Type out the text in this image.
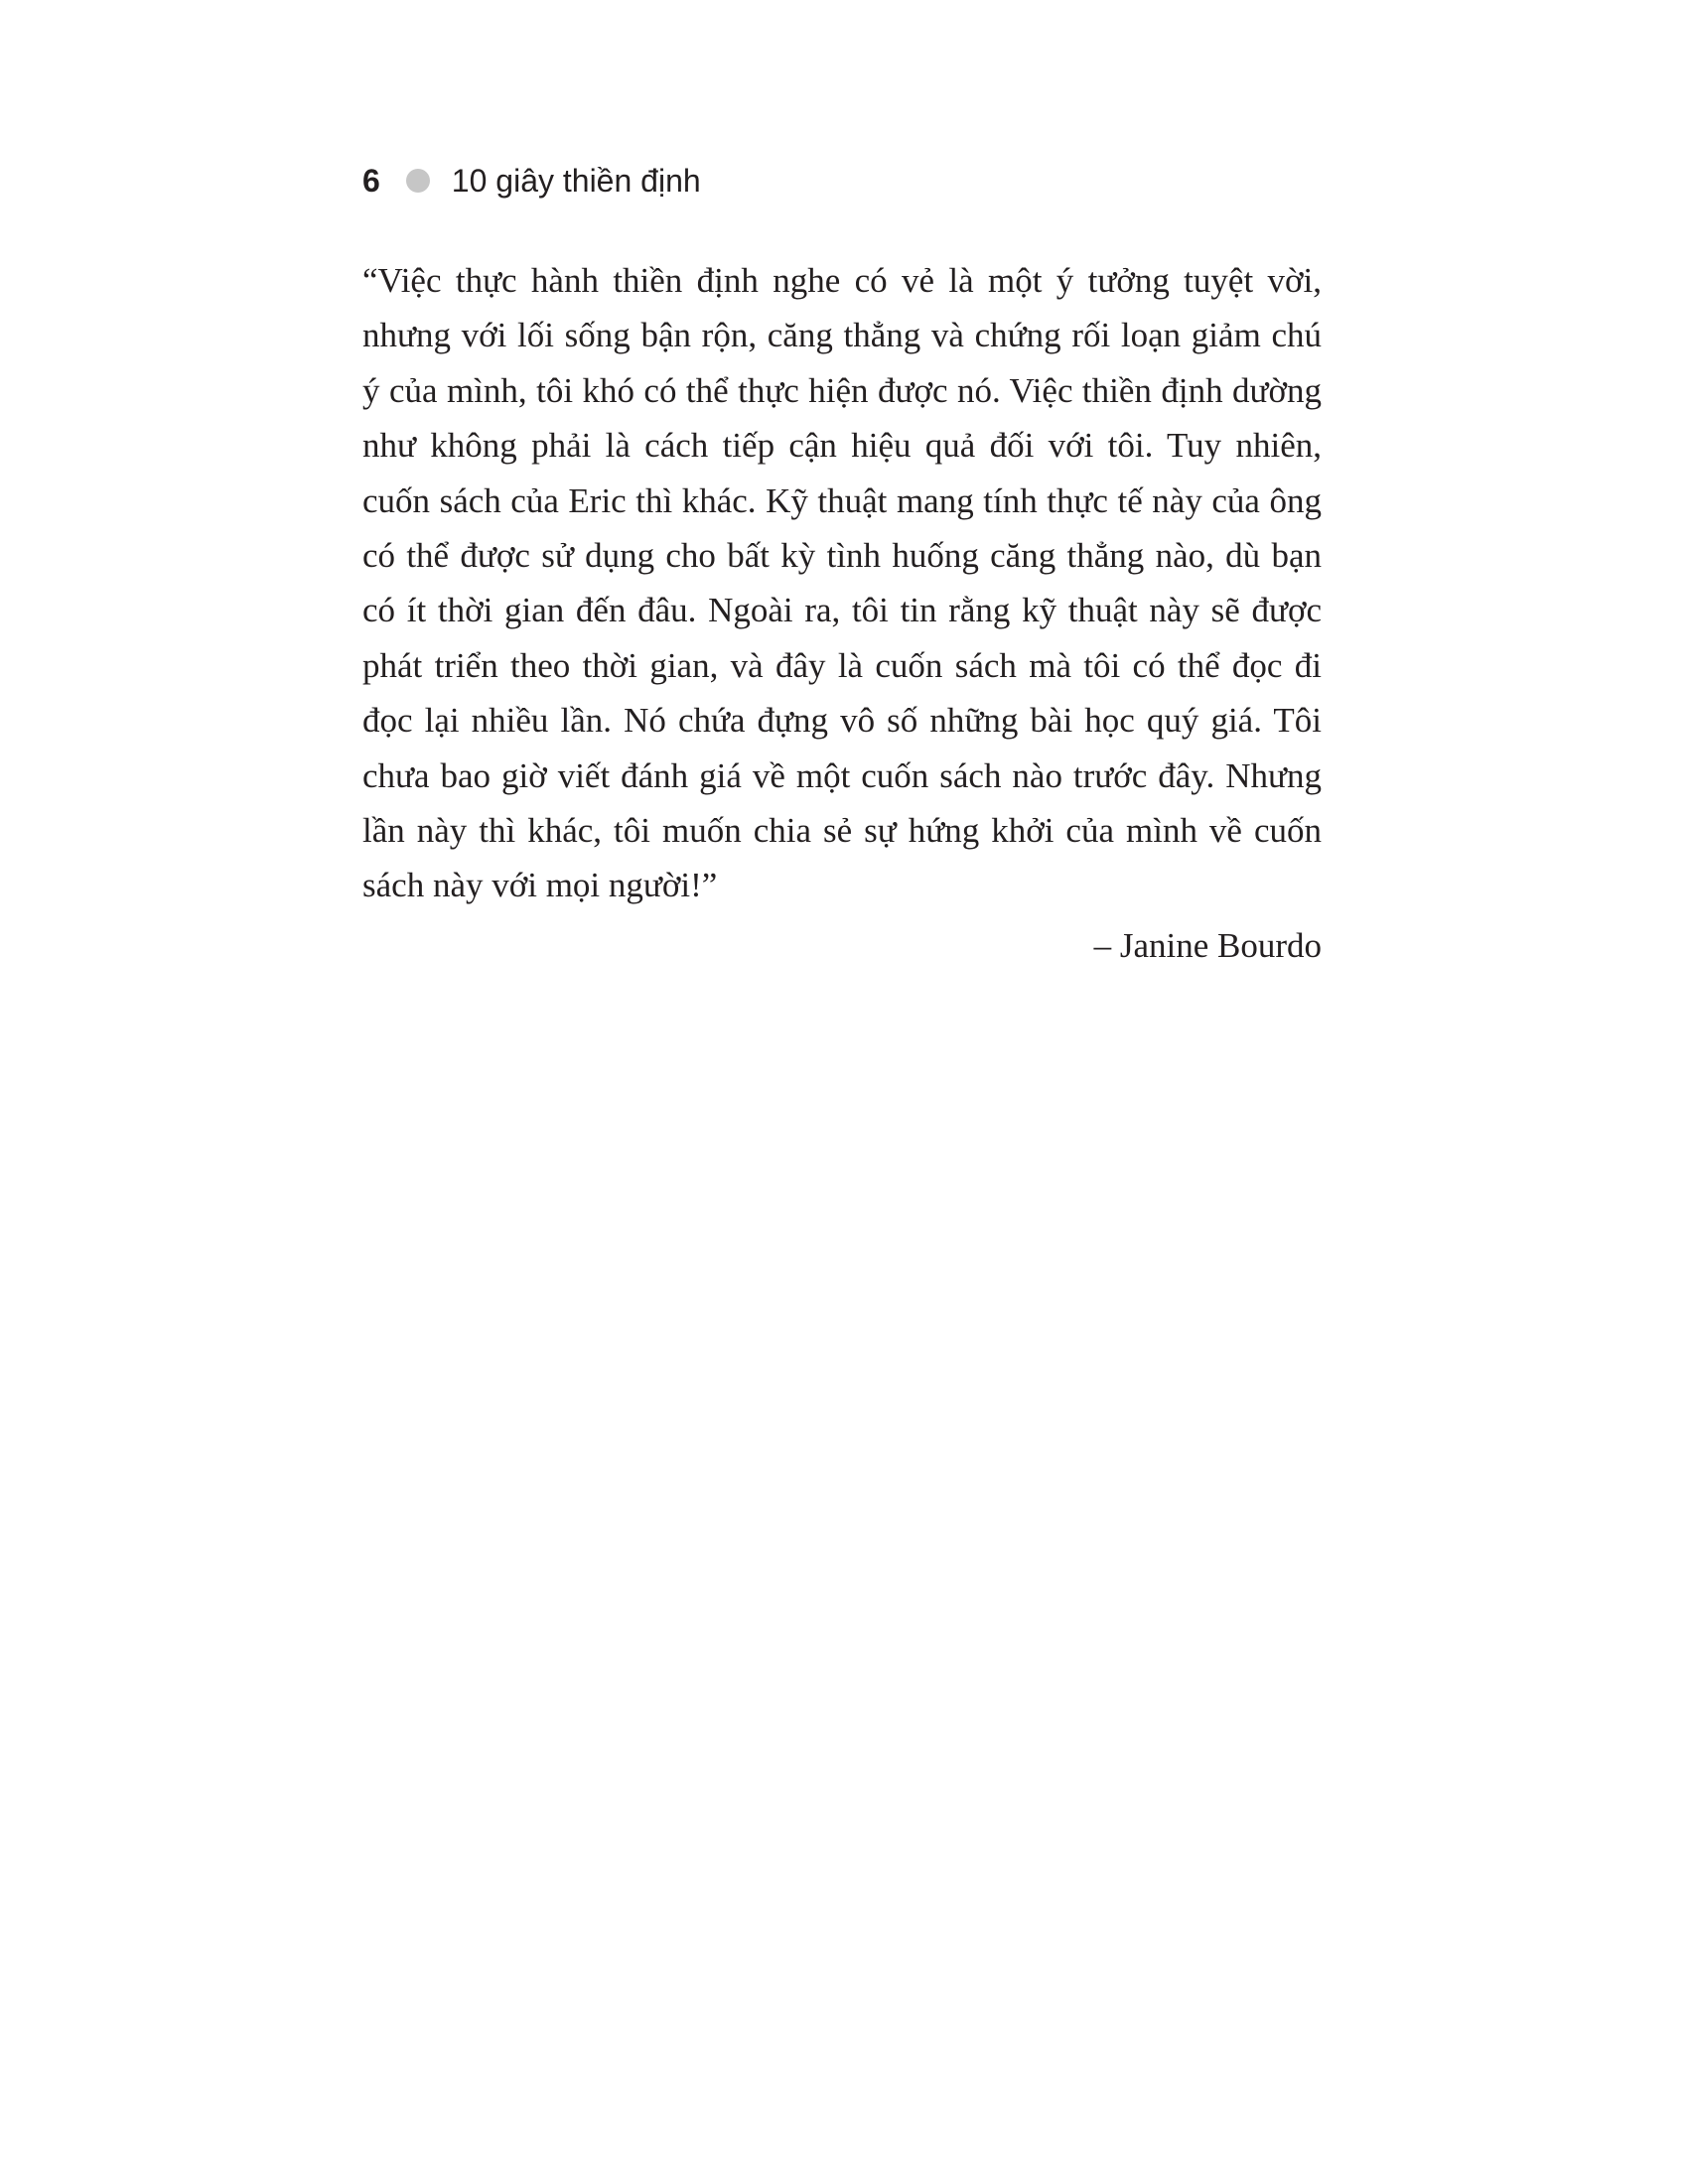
6 10 giây thiền định
“Việc thực hành thiền định nghe có vẻ là một ý tưởng tuyệt vời,
nhưng với lối sống bận rộn, căng thẳng và chứng rối loạn giảm chú
ý của mình, tôi khó có thể thực hiện được nó. Việc thiền định dường
như không phải là cách tiếp cận hiệu quả đối với tôi. Tuy nhiên,
cuốn sách của Eric thì khác. Kỹ thuật mang tính thực tế này của ông
có thể được sử dụng cho bất kỳ tình huống căng thẳng nào, dù bạn
có ít thời gian đến đâu. Ngoài ra, tôi tin rằng kỹ thuật này sẽ được
phát triển theo thời gian, và đây là cuốn sách mà tôi có thể đọc đi
đọc lại nhiều lần. Nó chứa đựng vô số những bài học quý giá. Tôi
chưa bao giờ viết đánh giá về một cuốn sách nào trước đây. Nhưng
lần này thì khác, tôi muốn chia sẻ sự hứng khởi của mình về cuốn
sách này với mọi người!”
– Janine Bourdo
